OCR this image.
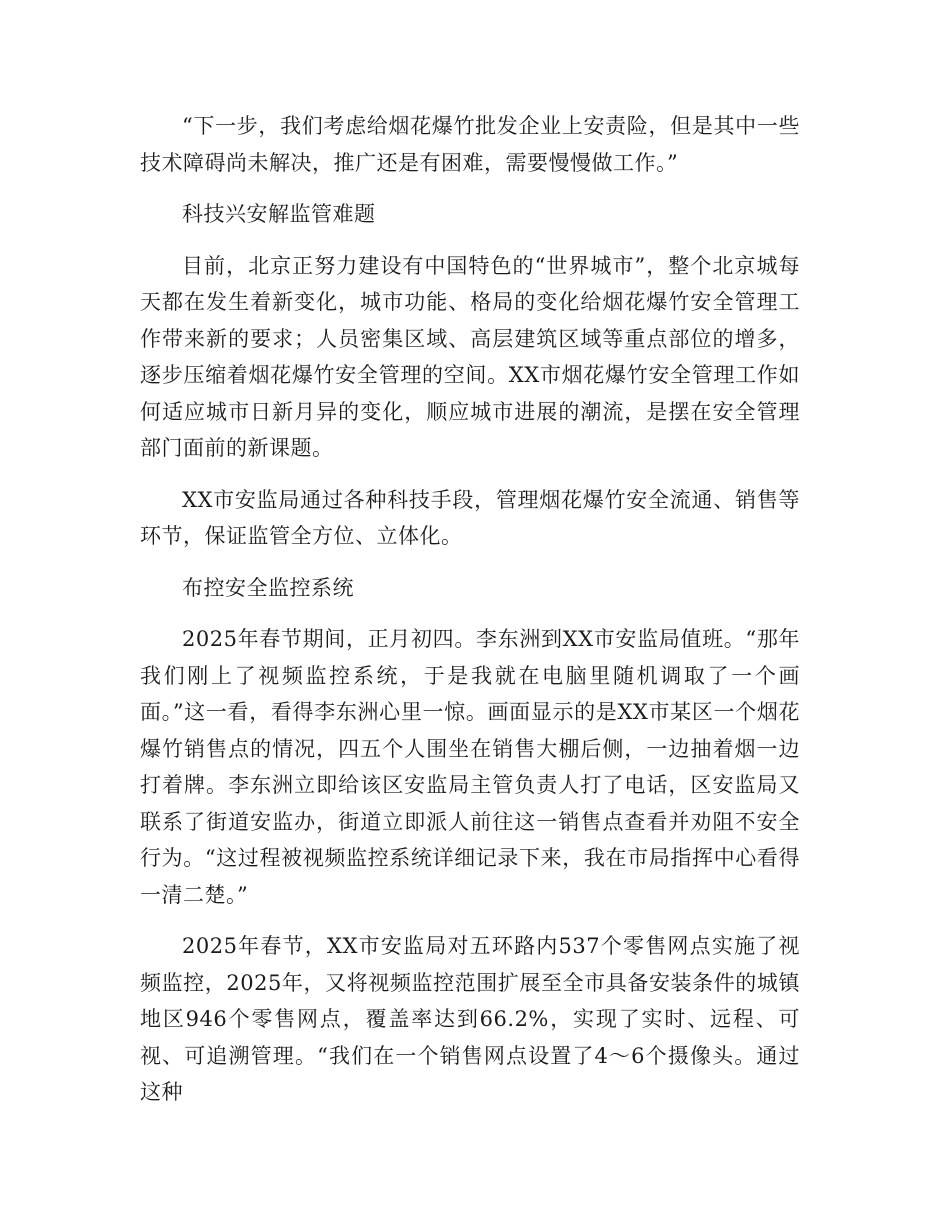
“下一步，我们考虑给烟花爆竹批发企业上安责险，但是其中一些技术障碍尚未解决，推广还是有困难，需要慢慢做工作。”

科技兴安解监管难题

目前，北京正努力建设有中国特色的“世界城市”，整个北京城每天都在发生着新变化，城市功能、格局的变化给烟花爆竹安全管理工作带来新的要求；人员密集区域、高层建筑区域等重点部位的增多，逐步压缩着烟花爆竹安全管理的空间。XX市烟花爆竹安全管理工作如何适应城市日新月异的变化，顺应城市进展的潮流，是摆在安全管理部门面前的新课题。

XX市安监局通过各种科技手段，管理烟花爆竹安全流通、销售等环节，保证监管全方位、立体化。

布控安全监控系统

2025年春节期间，正月初四。李东洲到XX市安监局值班。“那年我们刚上了视频监控系统，于是我就在电脑里随机调取了一个画面。”这一看，看得李东洲心里一惊。画面显示的是XX市某区一个烟花爆竹销售点的情况，四五个人围坐在销售大棚后侧，一边抽着烟一边打着牌。李东洲立即给该区安监局主管负责人打了电话，区安监局又联系了街道安监办，街道立即派人前往这一销售点查看并劝阻不安全行为。“这过程被视频监控系统详细记录下来，我在市局指挥中心看得一清二楚。”

2025年春节，XX市安监局对五环路内537个零售网点实施了视频监控，2025年，又将视频监控范围扩展至全市具备安装条件的城镇地区946个零售网点，覆盖率达到66.2%，实现了实时、远程、可视、可追溯管理。“我们在一个销售网点设置了4～6个摄像头。通过这种
